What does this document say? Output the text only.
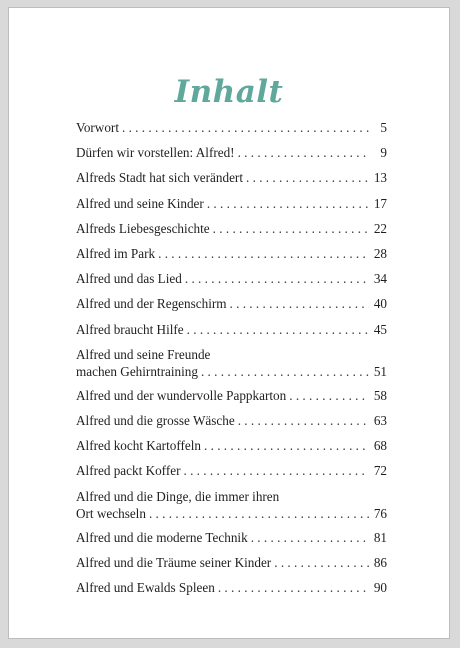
Inhalt
Vorwort . . .	5
Dürfen wir vorstellen: Alfred! . . .	9
Alfreds Stadt hat sich verändert . . .	13
Alfred und seine Kinder . . .	17
Alfreds Liebesgeschichte . . .	22
Alfred im Park . . .	28
Alfred und das Lied . . .	34
Alfred und der Regenschirm . . .	40
Alfred braucht Hilfe . . .	45
Alfred und seine Freunde
machen Gehirntraining . . .	51
Alfred und der wundervolle Pappkarton . . .	58
Alfred und die grosse Wäsche . . .	63
Alfred kocht Kartoffeln . . .	68
Alfred packt Koffer . . .	72
Alfred und die Dinge, die immer ihren
Ort wechseln . . .	76
Alfred und die moderne Technik . . .	81
Alfred und die Träume seiner Kinder . . .	86
Alfred und Ewalds Spleen . . .	90
